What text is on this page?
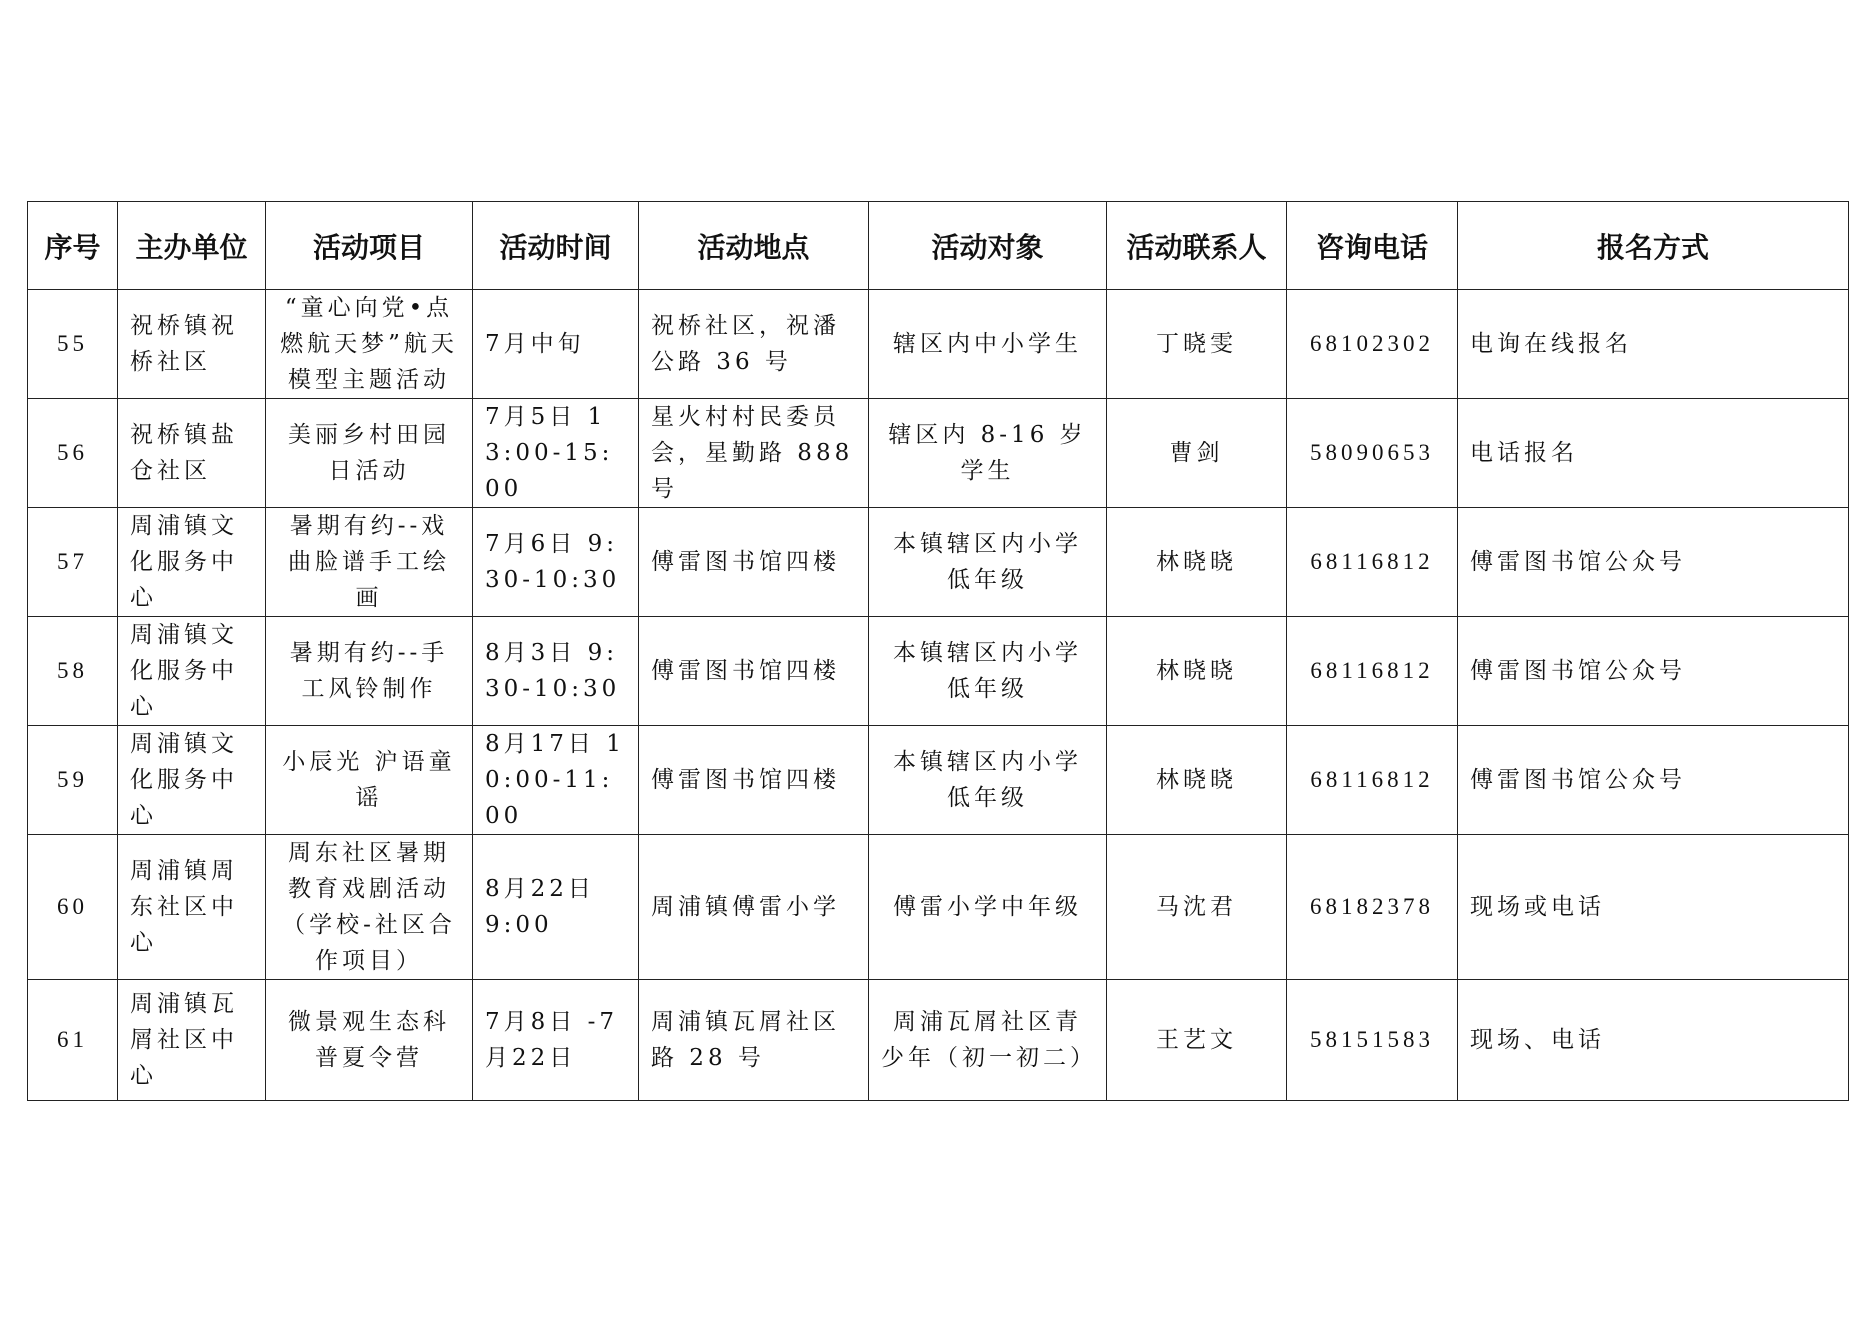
序号	主办单位	活动项目	活动时间	活动地点	活动对象	活动联系人	咨询电话	报名方式
55	祝桥镇祝桥社区	“童心向党•点燃航天梦”航天模型主题活动	7月中旬	祝桥社区，祝潘公路 36 号	辖区内中小学生	丁晓雯	68102302	电询在线报名
56	祝桥镇盐仓社区	美丽乡村田园日活动	7月5日 13:00-15:00	星火村村民委员会，星勤路 888 号	辖区内 8-16 岁学生	曹剑	58090653	电话报名
57	周浦镇文化服务中心	暑期有约--戏曲脸谱手工绘画	7月6日 9:30-10:30	傅雷图书馆四楼	本镇辖区内小学低年级	林晓晓	68116812	傅雷图书馆公众号
58	周浦镇文化服务中心	暑期有约--手工风铃制作	8月3日 9:30-10:30	傅雷图书馆四楼	本镇辖区内小学低年级	林晓晓	68116812	傅雷图书馆公众号
59	周浦镇文化服务中心	小辰光 沪语童谣	8月17日 10:00-11:00	傅雷图书馆四楼	本镇辖区内小学低年级	林晓晓	68116812	傅雷图书馆公众号
60	周浦镇周东社区中心	周东社区暑期教育戏剧活动（学校-社区合作项目）	8月22日 9:00	周浦镇傅雷小学	傅雷小学中年级	马沈君	68182378	现场或电话
61	周浦镇瓦屑社区中心	微景观生态科普夏令营	7月8日 -7月22日	周浦镇瓦屑社区路 28 号	周浦瓦屑社区青少年（初一初二）	王艺文	58151583	现场、电话
